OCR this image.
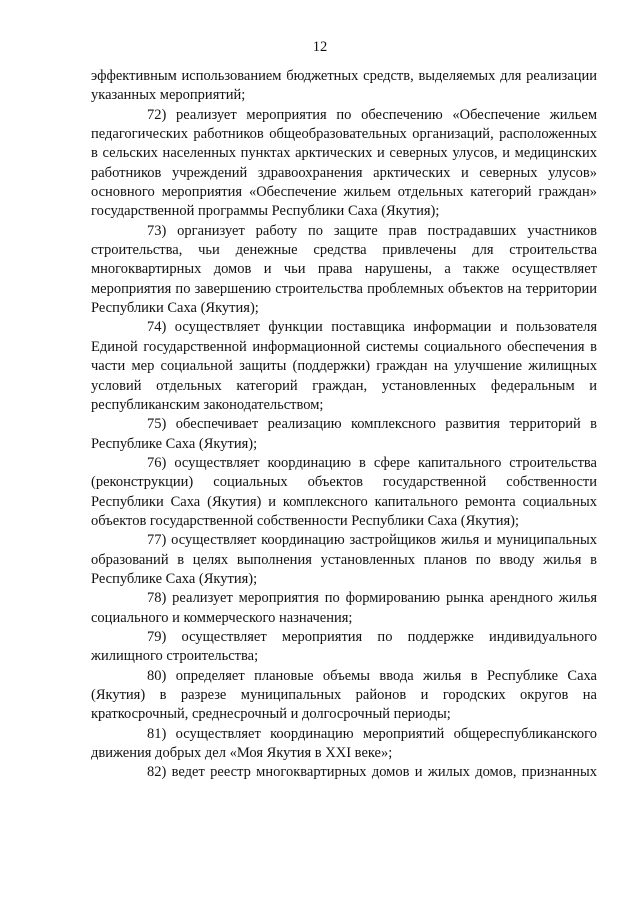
12

эффективным использованием бюджетных средств, выделяемых для реализации указанных мероприятий;

72) реализует мероприятия по обеспечению «Обеспечение жильем педагогических работников общеобразовательных организаций, расположенных в сельских населенных пунктах арктических и северных улусов, и медицинских работников учреждений здравоохранения арктических и северных улусов» основного мероприятия «Обеспечение жильем отдельных категорий граждан» государственной программы Республики Саха (Якутия);

73) организует работу по защите прав пострадавших участников строительства, чьи денежные средства привлечены для строительства многоквартирных домов и чьи права нарушены, а также осуществляет мероприятия по завершению строительства проблемных объектов на территории Республики Саха (Якутия);

74) осуществляет функции поставщика информации и пользователя Единой государственной информационной системы социального обеспечения в части мер социальной защиты (поддержки) граждан на улучшение жилищных условий отдельных категорий граждан, установленных федеральным и республиканским законодательством;

75) обеспечивает реализацию комплексного развития территорий в Республике Саха (Якутия);

76) осуществляет координацию в сфере капитального строительства (реконструкции) социальных объектов государственной собственности Республики Саха (Якутия) и комплексного капитального ремонта социальных объектов государственной собственности Республики Саха (Якутия);

77) осуществляет координацию застройщиков жилья и муниципальных образований в целях выполнения установленных планов по вводу жилья в Республике Саха (Якутия);

78) реализует мероприятия по формированию рынка арендного жилья социального и коммерческого назначения;

79) осуществляет мероприятия по поддержке индивидуального жилищного строительства;

80) определяет плановые объемы ввода жилья в Республике Саха (Якутия) в разрезе муниципальных районов и городских округов на краткосрочный, среднесрочный и долгосрочный периоды;

81) осуществляет координацию мероприятий общереспубликанского движения добрых дел «Моя Якутия в XXI веке»;

82) ведет реестр многоквартирных домов и жилых домов, признанных
